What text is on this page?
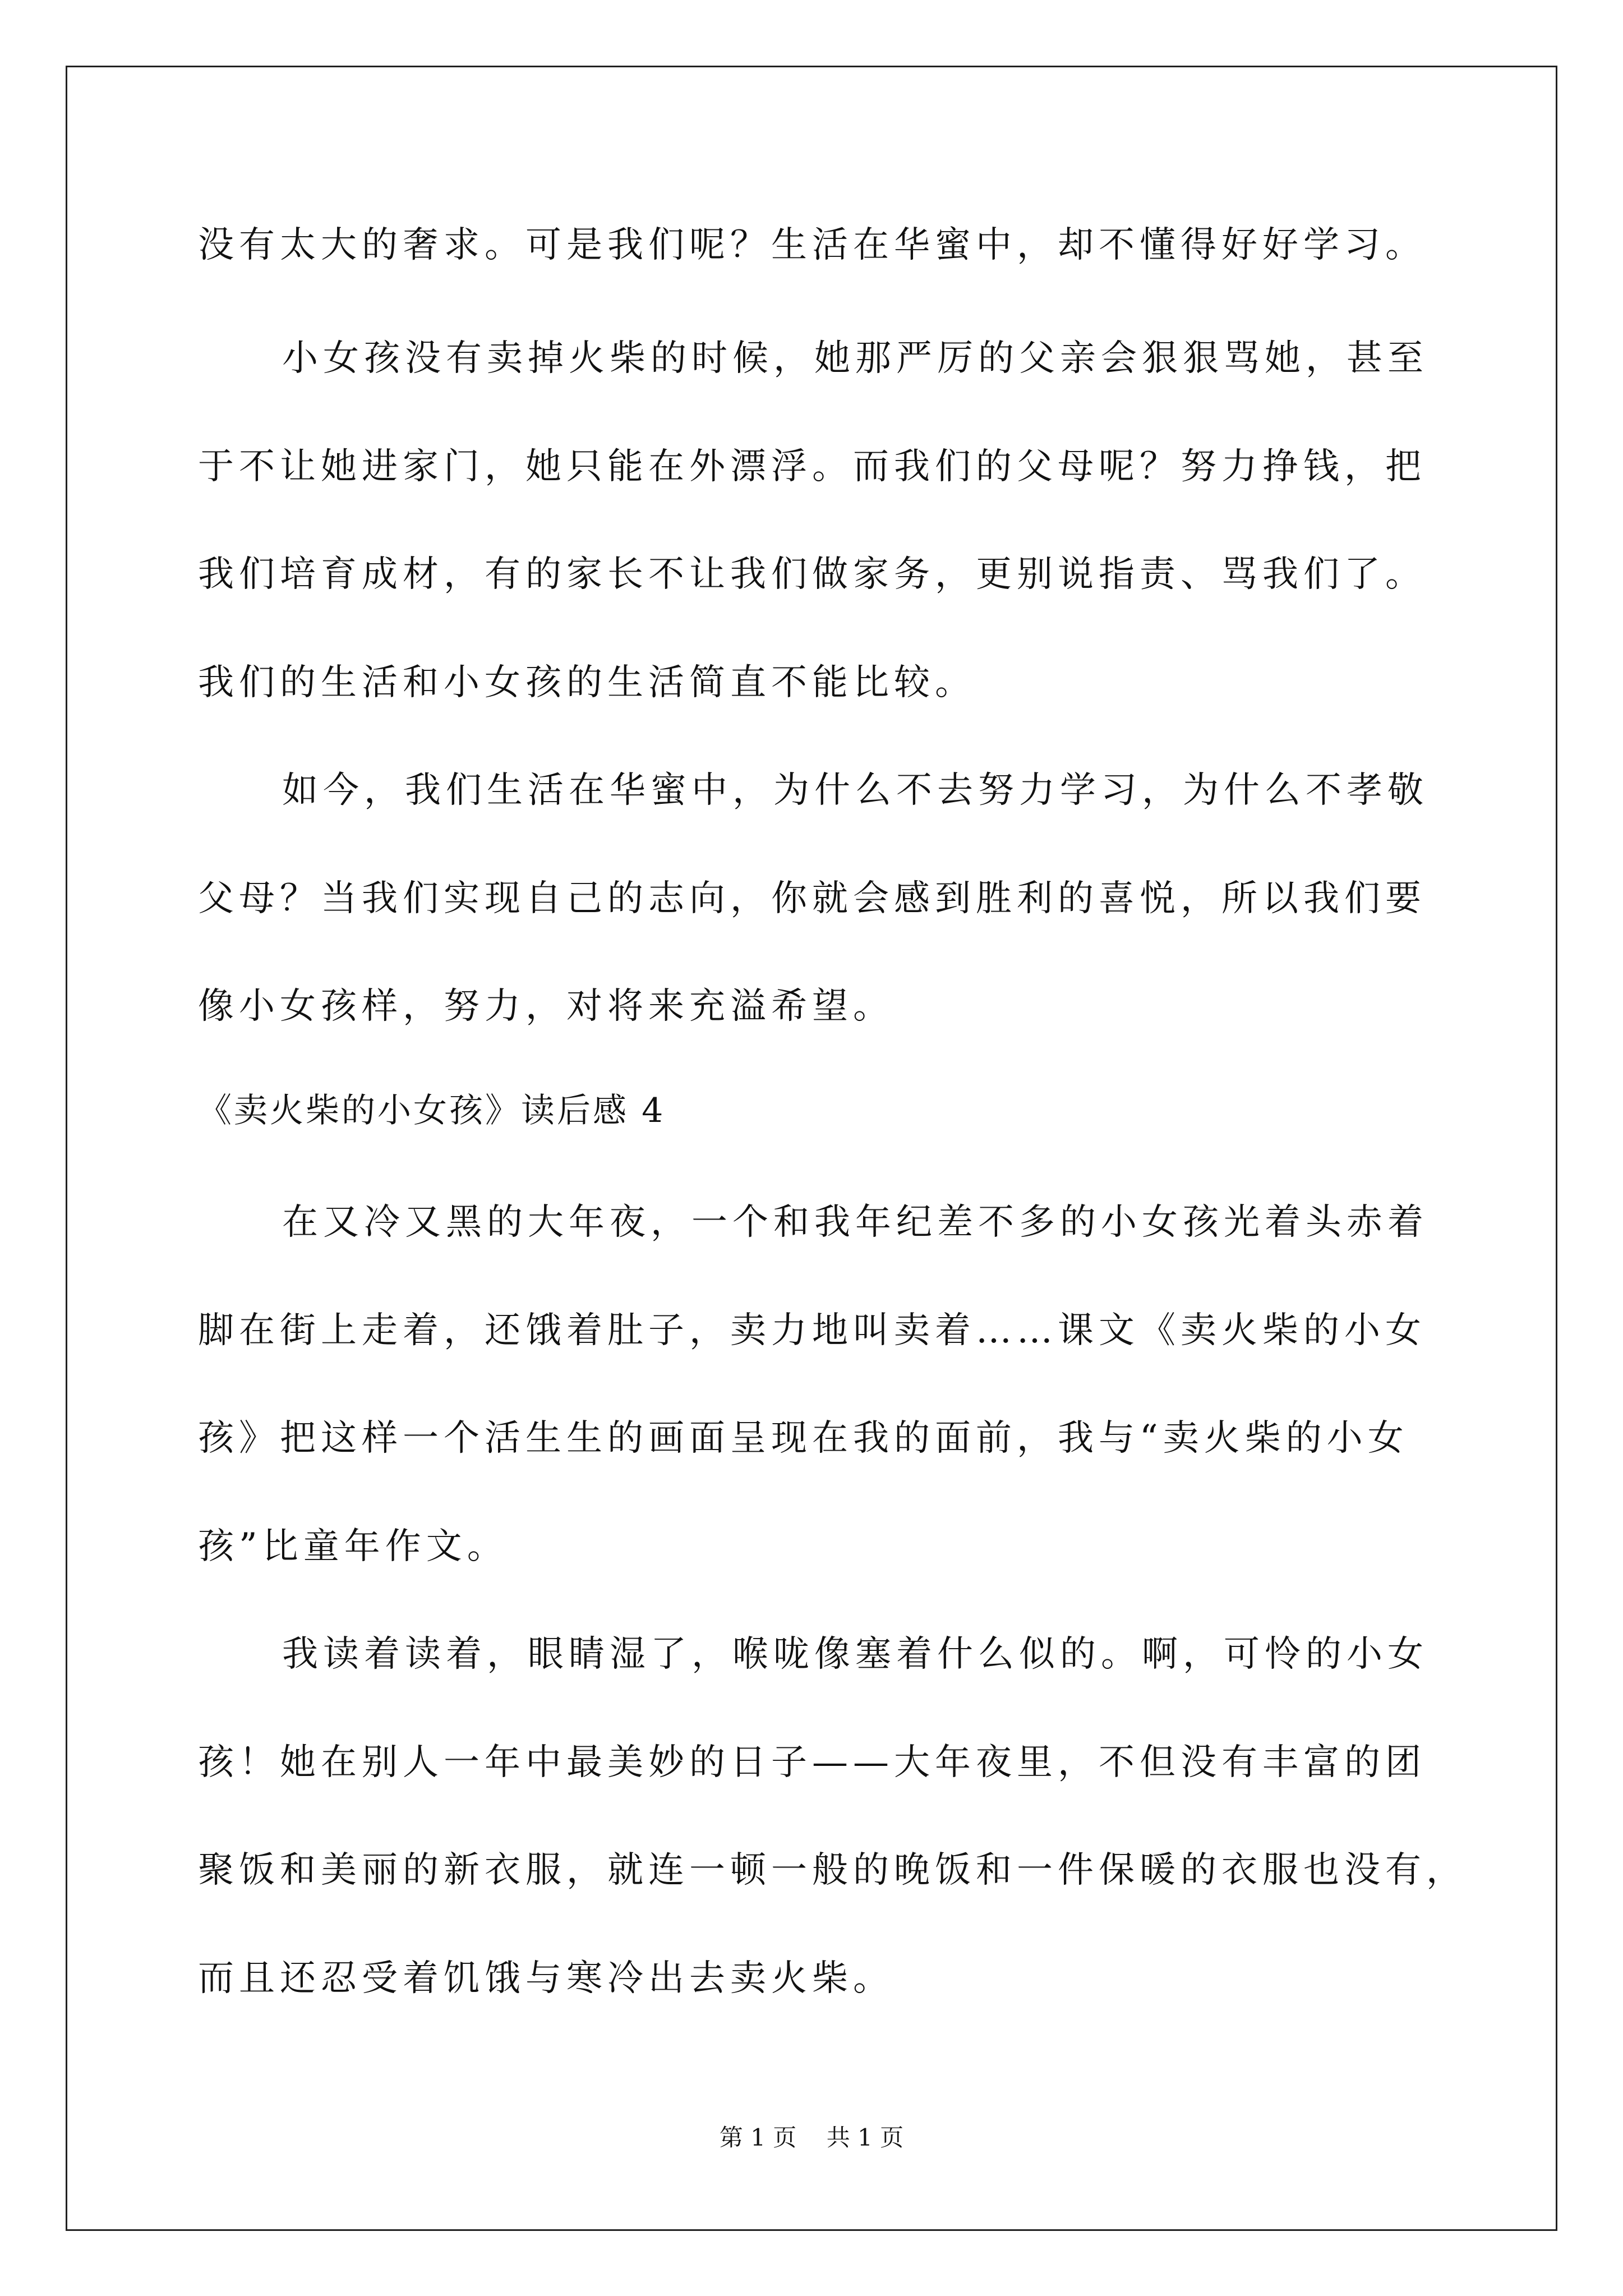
没有太大的奢求。可是我们呢？生活在华蜜中，却不懂得好好学习。
小女孩没有卖掉火柴的时候，她那严厉的父亲会狠狠骂她，甚至
于不让她进家门，她只能在外漂浮。而我们的父母呢？努力挣钱，把
我们培育成材，有的家长不让我们做家务，更别说指责、骂我们了。
我们的生活和小女孩的生活简直不能比较。
如今，我们生活在华蜜中，为什么不去努力学习，为什么不孝敬
父母？当我们实现自己的志向，你就会感到胜利的喜悦，所以我们要
像小女孩样，努力，对将来充溢希望。
《卖火柴的小女孩》读后感 4
在又冷又黑的大年夜，一个和我年纪差不多的小女孩光着头赤着
脚在街上走着，还饿着肚子，卖力地叫卖着……课文《卖火柴的小女
孩》把这样一个活生生的画面呈现在我的面前，我与“卖火柴的小女
孩”比童年作文。
我读着读着，眼睛湿了，喉咙像塞着什么似的。啊，可怜的小女
孩！她在别人一年中最美妙的日子——大年夜里，不但没有丰富的团
聚饭和美丽的新衣服，就连一顿一般的晚饭和一件保暖的衣服也没有，
而且还忍受着饥饿与寒冷出去卖火柴。
第 1 页    共 1 页
